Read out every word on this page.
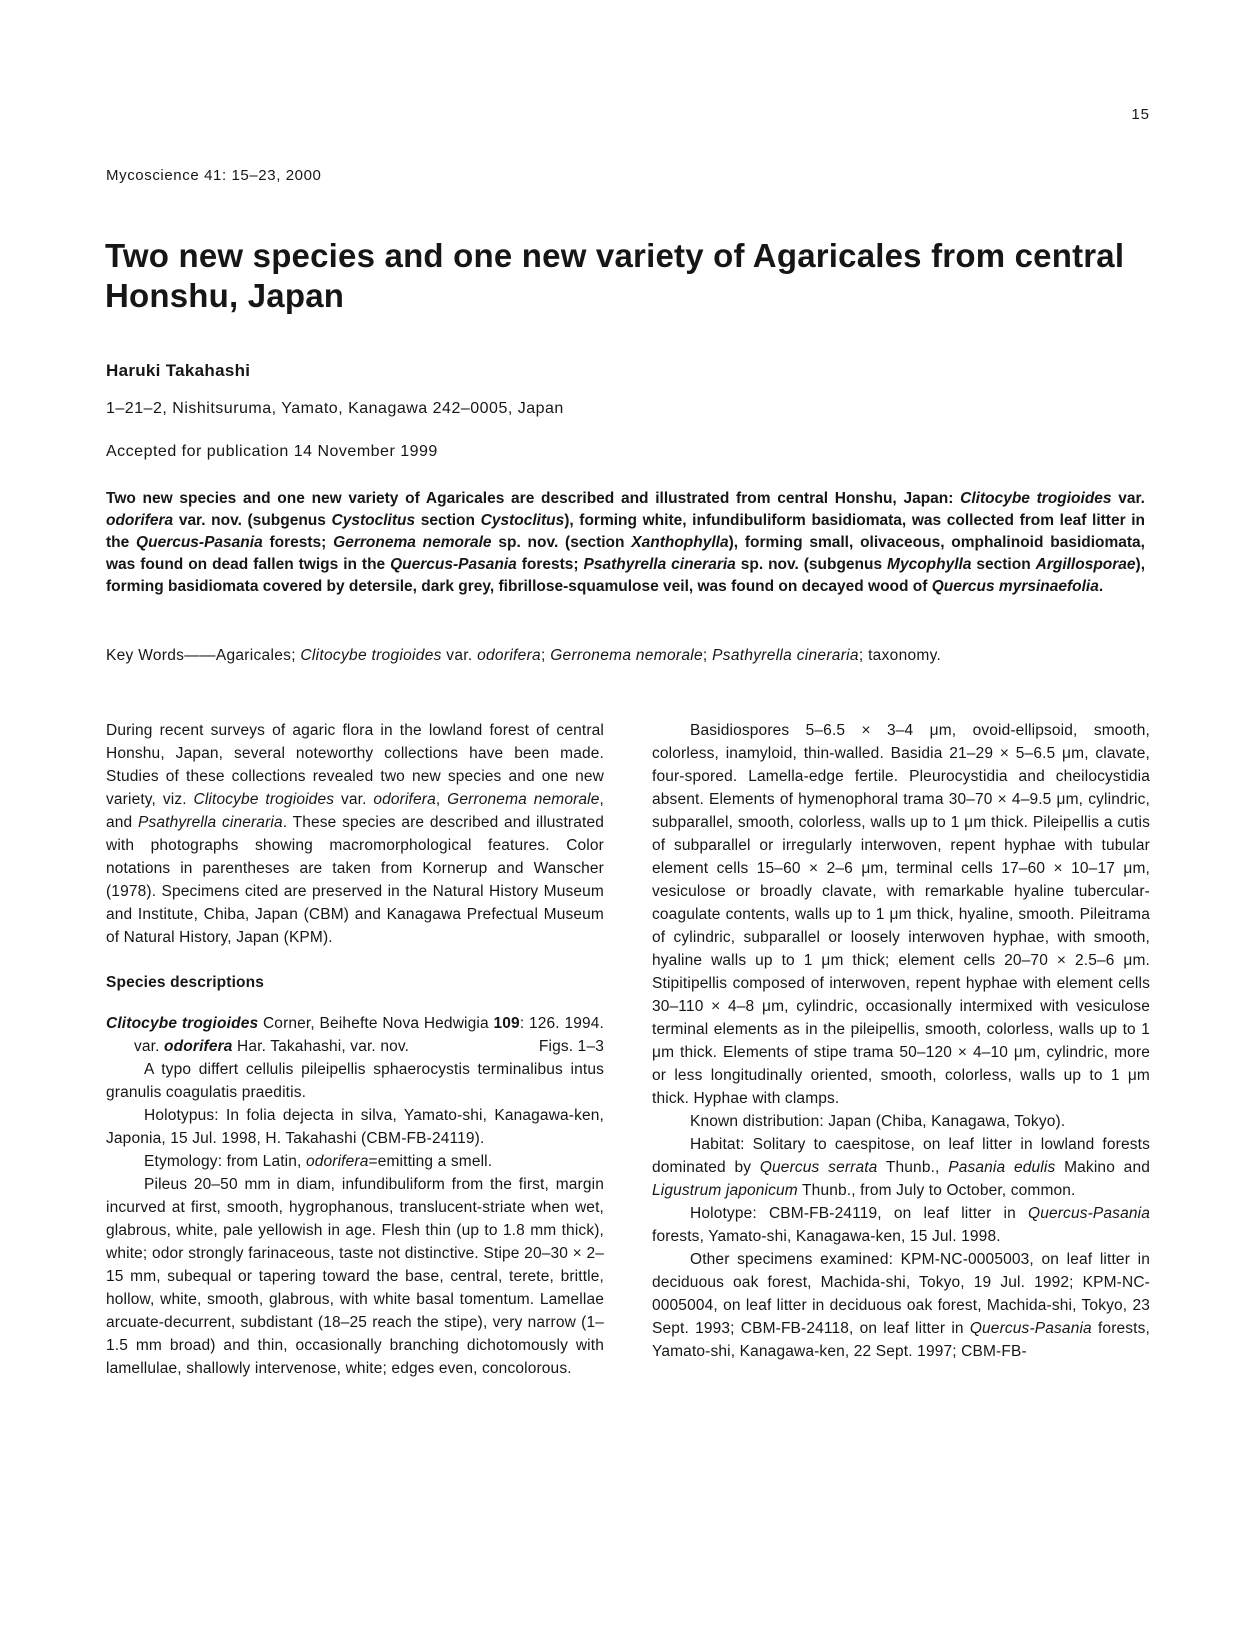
15
Mycoscience 41: 15–23, 2000
Two new species and one new variety of Agaricales from central Honshu, Japan
Haruki Takahashi
1–21–2, Nishitsuruma, Yamato, Kanagawa 242–0005, Japan
Accepted for publication 14 November 1999

Two new species and one new variety of Agaricales are described and illustrated from central Honshu, Japan: Clitocybe trogioides var. odorifera var. nov. (subgenus Cystoclitus section Cystoclitus), forming white, infundibuliform basidiomata, was collected from leaf litter in the Quercus-Pasania forests; Gerronema nemorale sp. nov. (section Xanthophylla), forming small, olivaceous, omphalinoid basidiomata, was found on dead fallen twigs in the Quercus-Pasania forests; Psathyrella cineraria sp. nov. (subgenus Mycophylla section Argillosporae), forming basidiomata covered by detersile, dark grey, fibrillose-squamulose veil, was found on decayed wood of Quercus myrsinaefolia.

Key Words——Agaricales; Clitocybe trogioides var. odorifera; Gerronema nemorale; Psathyrella cineraria; taxonomy.

During recent surveys of agaric flora in the lowland forest of central Honshu, Japan, several noteworthy collections have been made. Studies of these collections revealed two new species and one new variety, viz. Clitocybe trogioides var. odorifera, Gerronema nemorale, and Psathyrella cineraria. These species are described and illustrated with photographs showing macromorphological features. Color notations in parentheses are taken from Kornerup and Wanscher (1978). Specimens cited are preserved in the Natural History Museum and Institute, Chiba, Japan (CBM) and Kanagawa Prefectual Museum of Natural History, Japan (KPM).

Species descriptions

Clitocybe trogioides Corner, Beihefte Nova Hedwigia 109: 126. 1994. var. odorifera Har. Takahashi, var. nov.	Figs. 1–3

A typo differt cellulis pileipellis sphaerocystis terminalibus intus granulis coagulatis praeditis.

Holotypus: In folia dejecta in silva, Yamato-shi, Kanagawa-ken, Japonia, 15 Jul. 1998, H. Takahashi (CBM-FB-24119).

Etymology: from Latin, odorifera=emitting a smell.

Pileus 20–50 mm in diam, infundibuliform from the first, margin incurved at first, smooth, hygrophanous, translucent-striate when wet, glabrous, white, pale yellowish in age. Flesh thin (up to 1.8 mm thick), white; odor strongly farinaceous, taste not distinctive. Stipe 20–30 × 2–15 mm, subequal or tapering toward the base, central, terete, brittle, hollow, white, smooth, glabrous, with white basal tomentum. Lamellae arcuate-decurrent, subdistant (18–25 reach the stipe), very narrow (1–1.5 mm broad) and thin, occasionally branching dichotomously with lamellulae, shallowly intervenose, white; edges even, concolorous.

Basidiospores 5–6.5 × 3–4 μm, ovoid-ellipsoid, smooth, colorless, inamyloid, thin-walled. Basidia 21–29 × 5–6.5 μm, clavate, four-spored. Lamella-edge fertile. Pleurocystidia and cheilocystidia absent. Elements of hymenophoral trama 30–70 × 4–9.5 μm, cylindric, subparallel, smooth, colorless, walls up to 1 μm thick. Pileipellis a cutis of subparallel or irregularly interwoven, repent hyphae with tubular element cells 15–60 × 2–6 μm, terminal cells 17–60 × 10–17 μm, vesiculose or broadly clavate, with remarkable hyaline tubercular-coagulate contents, walls up to 1 μm thick, hyaline, smooth. Pileitrama of cylindric, subparallel or loosely interwoven hyphae, with smooth, hyaline walls up to 1 μm thick; element cells 20–70 × 2.5–6 μm. Stipitipellis composed of interwoven, repent hyphae with element cells 30–110 × 4–8 μm, cylindric, occasionally intermixed with vesiculose terminal elements as in the pileipellis, smooth, colorless, walls up to 1 μm thick. Elements of stipe trama 50–120 × 4–10 μm, cylindric, more or less longitudinally oriented, smooth, colorless, walls up to 1 μm thick. Hyphae with clamps.

Known distribution: Japan (Chiba, Kanagawa, Tokyo).

Habitat: Solitary to caespitose, on leaf litter in lowland forests dominated by Quercus serrata Thunb., Pasania edulis Makino and Ligustrum japonicum Thunb., from July to October, common.

Holotype: CBM-FB-24119, on leaf litter in Quercus-Pasania forests, Yamato-shi, Kanagawa-ken, 15 Jul. 1998.

Other specimens examined: KPM-NC-0005003, on leaf litter in deciduous oak forest, Machida-shi, Tokyo, 19 Jul. 1992; KPM-NC-0005004, on leaf litter in deciduous oak forest, Machida-shi, Tokyo, 23 Sept. 1993; CBM-FB-24118, on leaf litter in Quercus-Pasania forests, Yamato-shi, Kanagawa-ken, 22 Sept. 1997; CBM-FB-
